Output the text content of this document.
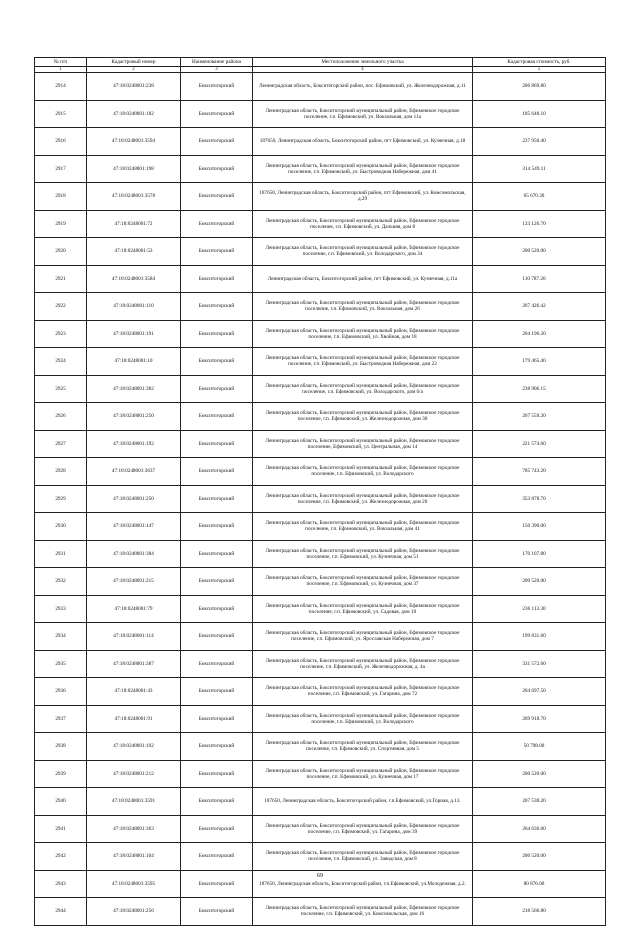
№ п/п	Кадастровый номер	Наименование района	Местоположение земельного участка	Кадастровая стоимость, руб.
1	2	3	4	5
2914	47:18:0248001:238	Бокситогорский	Ленинградская область, Бокситогорский район, пос. Ефимовский, ул. Железнодорожная, д.11	206 869.80
2915	47:18:0248001:182	Бокситогорский	Ленинградская область, Бокситогорский муниципальный район, Ефимовское городское поселение, г.п. Ефимовский, ул. Вокзальная, дом 11а	185 648.10
2916	47:18:0248001:3594	Бокситогорский	187650, Ленинградская область, Бокситогорский район, пгт Ефимовский, ул. Кузнечная, д.18	237 950.40
2917	47:18:0248001:198	Бокситогорский	Ленинградская область, Бокситогорский муниципальный район, Ефимовское городское поселение, г.п. Ефимовский, ул. Быстроводная Набережная, дом 41	314 549.11
2918	47:18:0248001:3578	Бокситогорский	187650, Ленинградская область, Бокситогорский район, пгт Ефимовский, ул. Комсомольская, д.29	65 670.30
2919	47:18:0248001:72	Бокситогорский	Ленинградская область, Бокситогорский муниципальный район, Ефимовское городское поселение, г.п. Ефимовский, ул. Дальняя, дом 8	133 126.70
2920	47:18:0248001:53	Бокситогорский	Ленинградская область, Бокситогорский муниципальный район, Ефимовское городское поселение, г.п. Ефимовский, ул. Володарского, дом 34	200 520.00
2921	47:18:0248001:3584	Бокситогорский	Ленинградская область, Бокситогорский район, пгт Ефимовский, ул. Кузнечная, д.11а	110 787.20
2922	47:18:0248001:110	Бокситогорский	Ленинградская область, Бокситогорский муниципальный район, Ефимовское городское поселение, г.п. Ефимовский, ул. Вокзальная, дом 26	267 426.42
2923	47:18:0248001:191	Бокситогорский	Ленинградская область, Бокситогорский муниципальный район, Ефимовское городское поселение, г.п. Ефимовский, ул. Хвойная, дом 18	204 196.20
2924	47:18:0248001:10	Бокситогорский	Ленинградская область, Бокситогорский муниципальный район, Ефимовское городское поселение, г.п. Ефимовский, ул. Быстроводная Набережная, дом 22	179 465.40
2925	47:18:0248001:382	Бокситогорский	Ленинградская область, Бокситогорский муниципальный район, Ефимовское городское поселение, г.п. Ефимовский, ул. Володарского, дом 6/а	238 906.15
2926	47:18:0248001:250	Бокситогорский	Ленинградская область, Бокситогорский муниципальный район, Ефимовское городское поселение, г.п. Ефимовский, ул. Железнодорожная, дом 30	267 559.20
2927	47:18:0248001:192	Бокситогорский	Ленинградская область, Бокситогорский муниципальный район, Ефимовское городское поселение, Ефимовский, ул. Центральная, дом 14	221 574.60
2928	47:18:0248001:3637	Бокситогорский	Ленинградская область, Бокситогорский муниципальный район, Ефимовское городское поселение, г.п. Ефимовский, ул. Володарского	785 743.20
2929	47:18:0248001:250	Бокситогорский	Ленинградская область, Бокситогорский муниципальный район, Ефимовское городское поселение, г.п. Ефимовский, ул. Железнодорожная, дом 20	353 878.70
2930	47:18:0248001:147	Бокситогорский	Ленинградская область, Бокситогорский муниципальный район, Ефимовское городское поселение, г.п. Ефимовский, ул. Вокзальная, дом 41	150 390.00
2931	47:18:0248001:384	Бокситогорский	Ленинградская область, Бокситогорский муниципальный район, Ефимовское городское поселение, г.п. Ефимовский, ул. Кузнечная, дом 51	170 107.80
2932	47:18:0248001:215	Бокситогорский	Ленинградская область, Бокситогорский муниципальный район, Ефимовское городское поселение, г.п. Ефимовский, ул. Кузнечная, дом 37	200 520.00
2933	47:18:0248001:79	Бокситогорский	Ленинградская область, Бокситогорский муниципальный район, Ефимовское городское поселение, г.п. Ефимовский, ул. Садовая, дом 10	236 113.30
2934	47:18:0248001:114	Бокситогорский	Ленинградская область, Бокситогорский муниципальный район, Ефимовское городское поселение, г.п. Ефимовский, ул. Ярославская Набережная, дом 7	199 831.60
2935	47:18:0248001:387	Бокситогорский	Ленинградская область, Бокситогорский муниципальный район, Ефимовское городское поселение, г.п. Ефимовский, ул. Железнодорожная, д. 4а	331 572.60
2936	47:18:0248001:43	Бокситогорский	Ленинградская область, Бокситогорский муниципальный район, Ефимовское городское поселение, г.п. Ефимовский, ул. Гагарина, дом 72	204 697.50
2937	47:18:0248001:91	Бокситогорский	Ленинградская область, Бокситогорский муниципальный район, Ефимовское городское поселение, г.п. Ефимовский, ул. Володарского	269 918.70
2938	47:18:0248001:102	Бокситогорский	Ленинградская область, Бокситогорский муниципальный район, Ефимовское городское поселение, г.п. Ефимовский, ул. Спортивная, дом 5	50 798.00
2939	47:18:0248001:212	Бокситогорский	Ленинградская область, Бокситогорский муниципальный район, Ефимовское городское поселение, г.п. Ефимовский, ул. Кузнечная, дом 17	200 520.00
2940	47:18:0248001:3591	Бокситогорский	187650, Ленинградская область, Бокситогорский район, г.п.Ефимовский, ул.Горная, д.13.	207 538.20
2941	47:18:0248001:363	Бокситогорский	Ленинградская область, Бокситогорский муниципальный район, Ефимовское городское поселение, г.п. Ефимовский, ул. Гагарина, дом 39	264 636.00
2942	47:18:0248001:104	Бокситогорский	Ленинградская область, Бокситогорский муниципальный район, Ефимовское городское поселение, г.п. Ефимовский, ул. Заводская, дом 8	200 520.00
2943	47:18:0248001:3595	Бокситогорский	187650, Ленинградская область, Бокситогорский район, г.п.Ефимовский, ул.Молодежная, д.2.	80 876.00
2944	47:18:0248001:256	Бокситогорский	Ленинградская область, Бокситогорский муниципальный район, Ефимовское городское поселение, г.п. Ефимовский, ул. Комсомольская, дом 16	218 566.80
69
